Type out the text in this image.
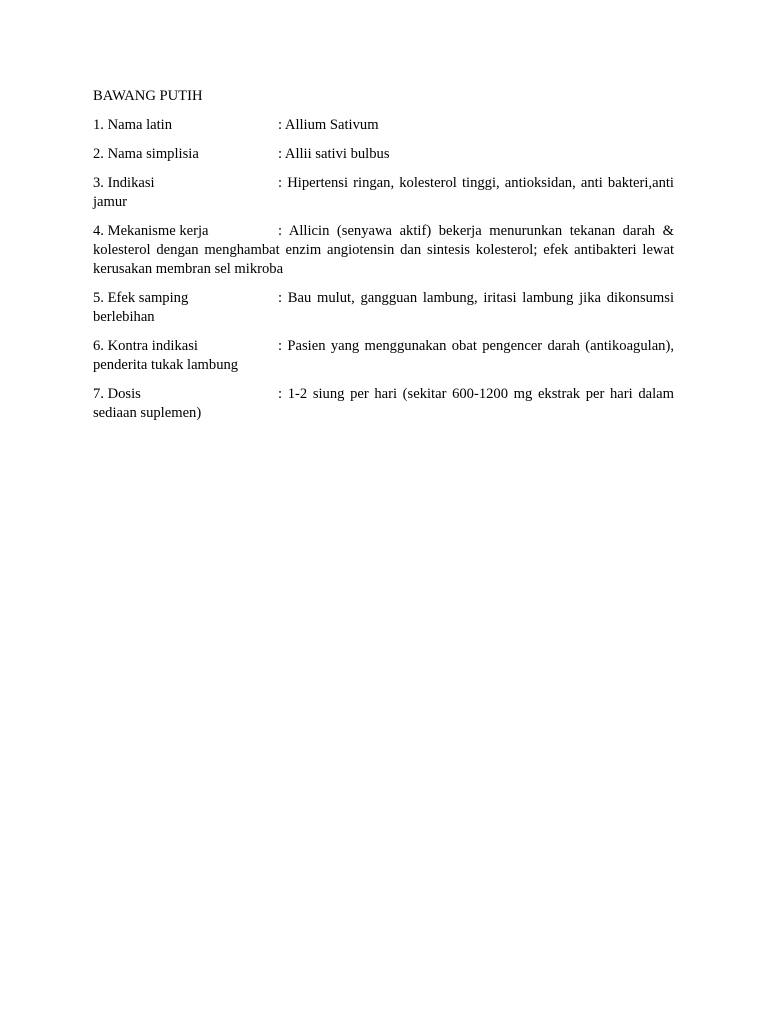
BAWANG PUTIH
1. Nama latin	: Allium Sativum
2. Nama simplisia	: Allii sativi bulbus
3. Indikasi	: Hipertensi ringan, kolesterol tinggi, antioksidan, anti bakteri,anti jamur
4. Mekanisme kerja	: Allicin (senyawa aktif) bekerja menurunkan tekanan darah & kolesterol dengan menghambat enzim angiotensin dan sintesis kolesterol; efek antibakteri lewat kerusakan membran sel mikroba
5. Efek samping	: Bau mulut, gangguan lambung, iritasi lambung jika dikonsumsi berlebihan
6. Kontra indikasi	: Pasien yang menggunakan obat pengencer darah (antikoagulan), penderita tukak lambung
7. Dosis	: 1-2 siung per hari (sekitar 600-1200 mg ekstrak per hari dalam sediaan suplemen)
